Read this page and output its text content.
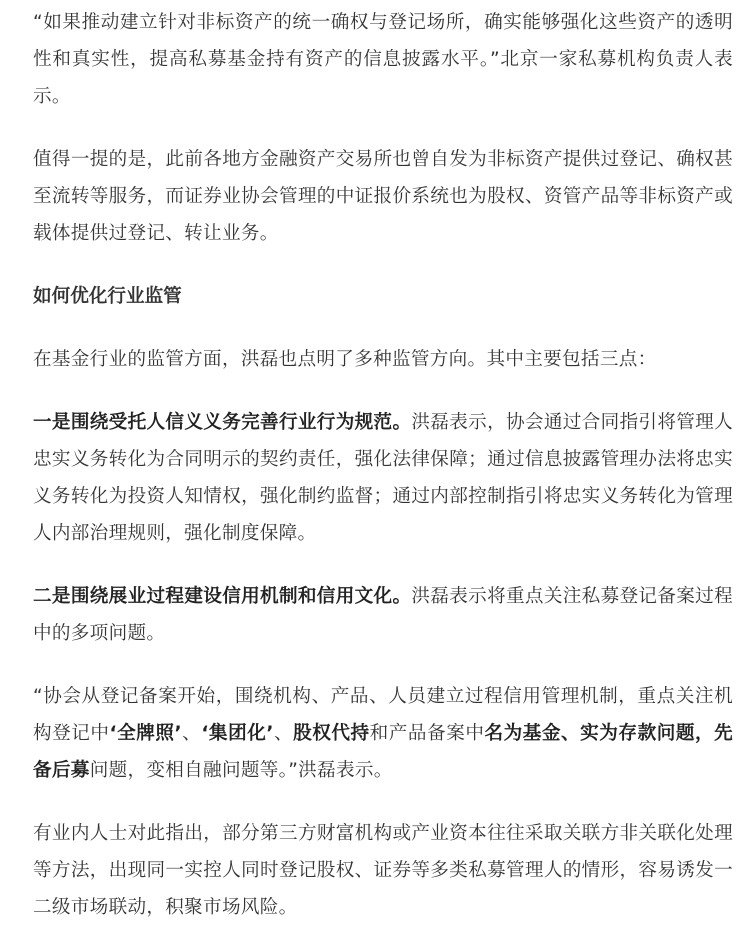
“如果推动建立针对非标资产的统一确权与登记场所，确实能够强化这些资产的透明性和真实性，提高私募基金持有资产的信息披露水平。”北京一家私募机构负责人表示。

值得一提的是，此前各地方金融资产交易所也曾自发为非标资产提供过登记、确权甚至流转等服务，而证券业协会管理的中证报价系统也为股权、资管产品等非标资产或载体提供过登记、转让业务。

如何优化行业监管

在基金行业的监管方面，洪磊也点明了多种监管方向。其中主要包括三点：

一是围绕受托人信义义务完善行业行为规范。洪磊表示，协会通过合同指引将管理人忠实义务转化为合同明示的契约责任，强化法律保障；通过信息披露管理办法将忠实义务转化为投资人知情权，强化制约监督；通过内部控制指引将忠实义务转化为管理人内部治理规则，强化制度保障。

二是围绕展业过程建设信用机制和信用文化。洪磊表示将重点关注私募登记备案过程中的多项问题。

“协会从登记备案开始，围绕机构、产品、人员建立过程信用管理机制，重点关注机构登记中‘全牌照’、‘集团化’、股权代持和产品备案中名为基金、实为存款问题，先备后募问题，变相自融问题等。”洪磊表示。

有业内人士对此指出，部分第三方财富机构或产业资本往往采取关联方非关联化处理等方法，出现同一实控人同时登记股权、证券等多类私募管理人的情形，容易诱发一二级市场联动，积聚市场风险。
